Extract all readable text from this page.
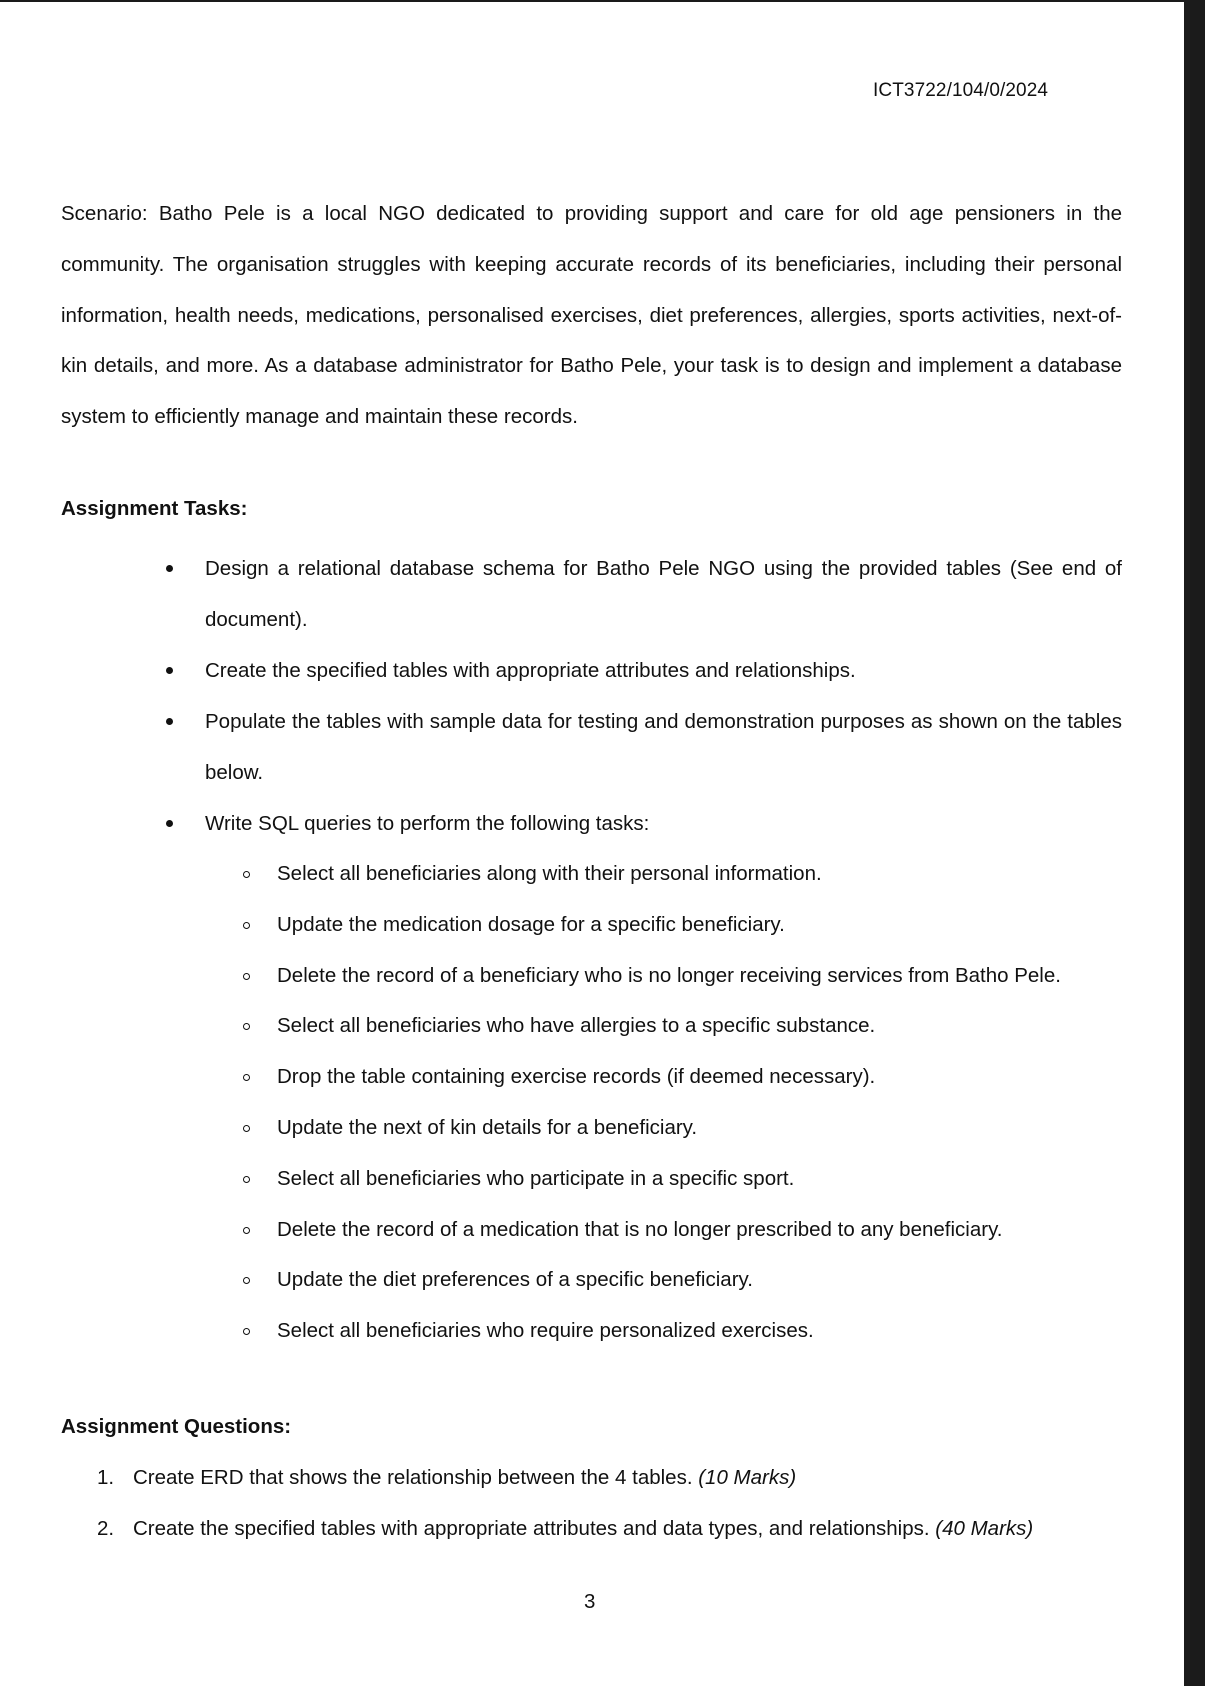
ICT3722/104/0/2024

Scenario: Batho Pele is a local NGO dedicated to providing support and care for old age pensioners in the community. The organisation struggles with keeping accurate records of its beneficiaries, including their personal information, health needs, medications, personalised exercises, diet preferences, allergies, sports activities, next-of-kin details, and more. As a database administrator for Batho Pele, your task is to design and implement a database system to efficiently manage and maintain these records.

Assignment Tasks:
Design a relational database schema for Batho Pele NGO using the provided tables (See end of document).
Create the specified tables with appropriate attributes and relationships.
Populate the tables with sample data for testing and demonstration purposes as shown on the tables below.
Write SQL queries to perform the following tasks:
Select all beneficiaries along with their personal information.
Update the medication dosage for a specific beneficiary.
Delete the record of a beneficiary who is no longer receiving services from Batho Pele.
Select all beneficiaries who have allergies to a specific substance.
Drop the table containing exercise records (if deemed necessary).
Update the next of kin details for a beneficiary.
Select all beneficiaries who participate in a specific sport.
Delete the record of a medication that is no longer prescribed to any beneficiary.
Update the diet preferences of a specific beneficiary.
Select all beneficiaries who require personalized exercises.
Assignment Questions:
1. Create ERD that shows the relationship between the 4 tables. (10 Marks)
2. Create the specified tables with appropriate attributes and data types, and relationships. (40 Marks)
3
